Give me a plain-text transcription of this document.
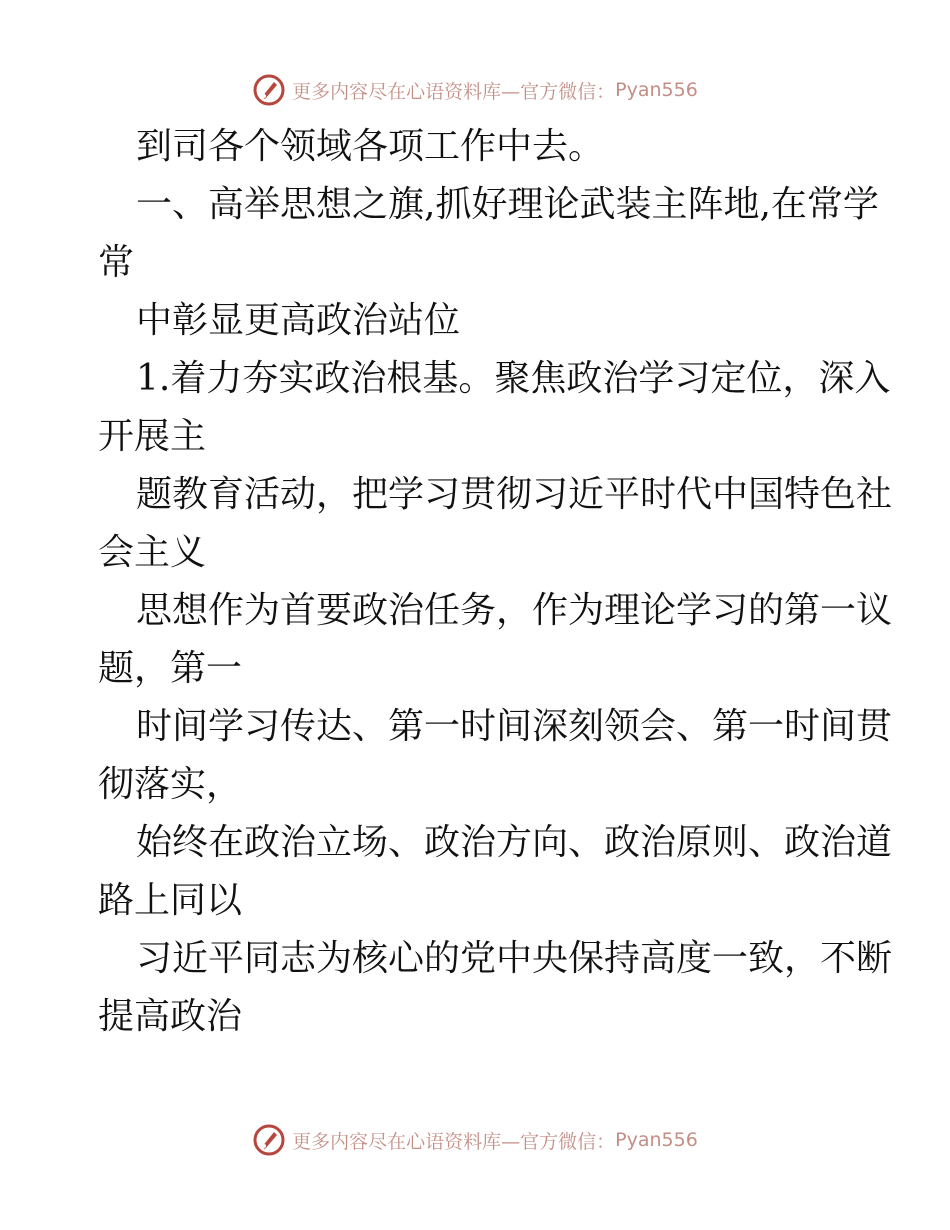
更多内容尽在心语资料库—官方微信： Pyan556
到司各个领域各项工作中去。
一、高举思想之旗,抓好理论武装主阵地,在常学
常
中彰显更高政治站位
1.着力夯实政治根基。聚焦政治学习定位，深入
开展主
题教育活动，把学习贯彻习近平时代中国特色社
会主义
思想作为首要政治任务，作为理论学习的第一议
题，第一
时间学习传达、第一时间深刻领会、第一时间贯
彻落实，
始终在政治立场、政治方向、政治原则、政治道
路上同以
习近平同志为核心的党中央保持高度一致，不断
提高政治
更多内容尽在心语资料库—官方微信： Pyan556
